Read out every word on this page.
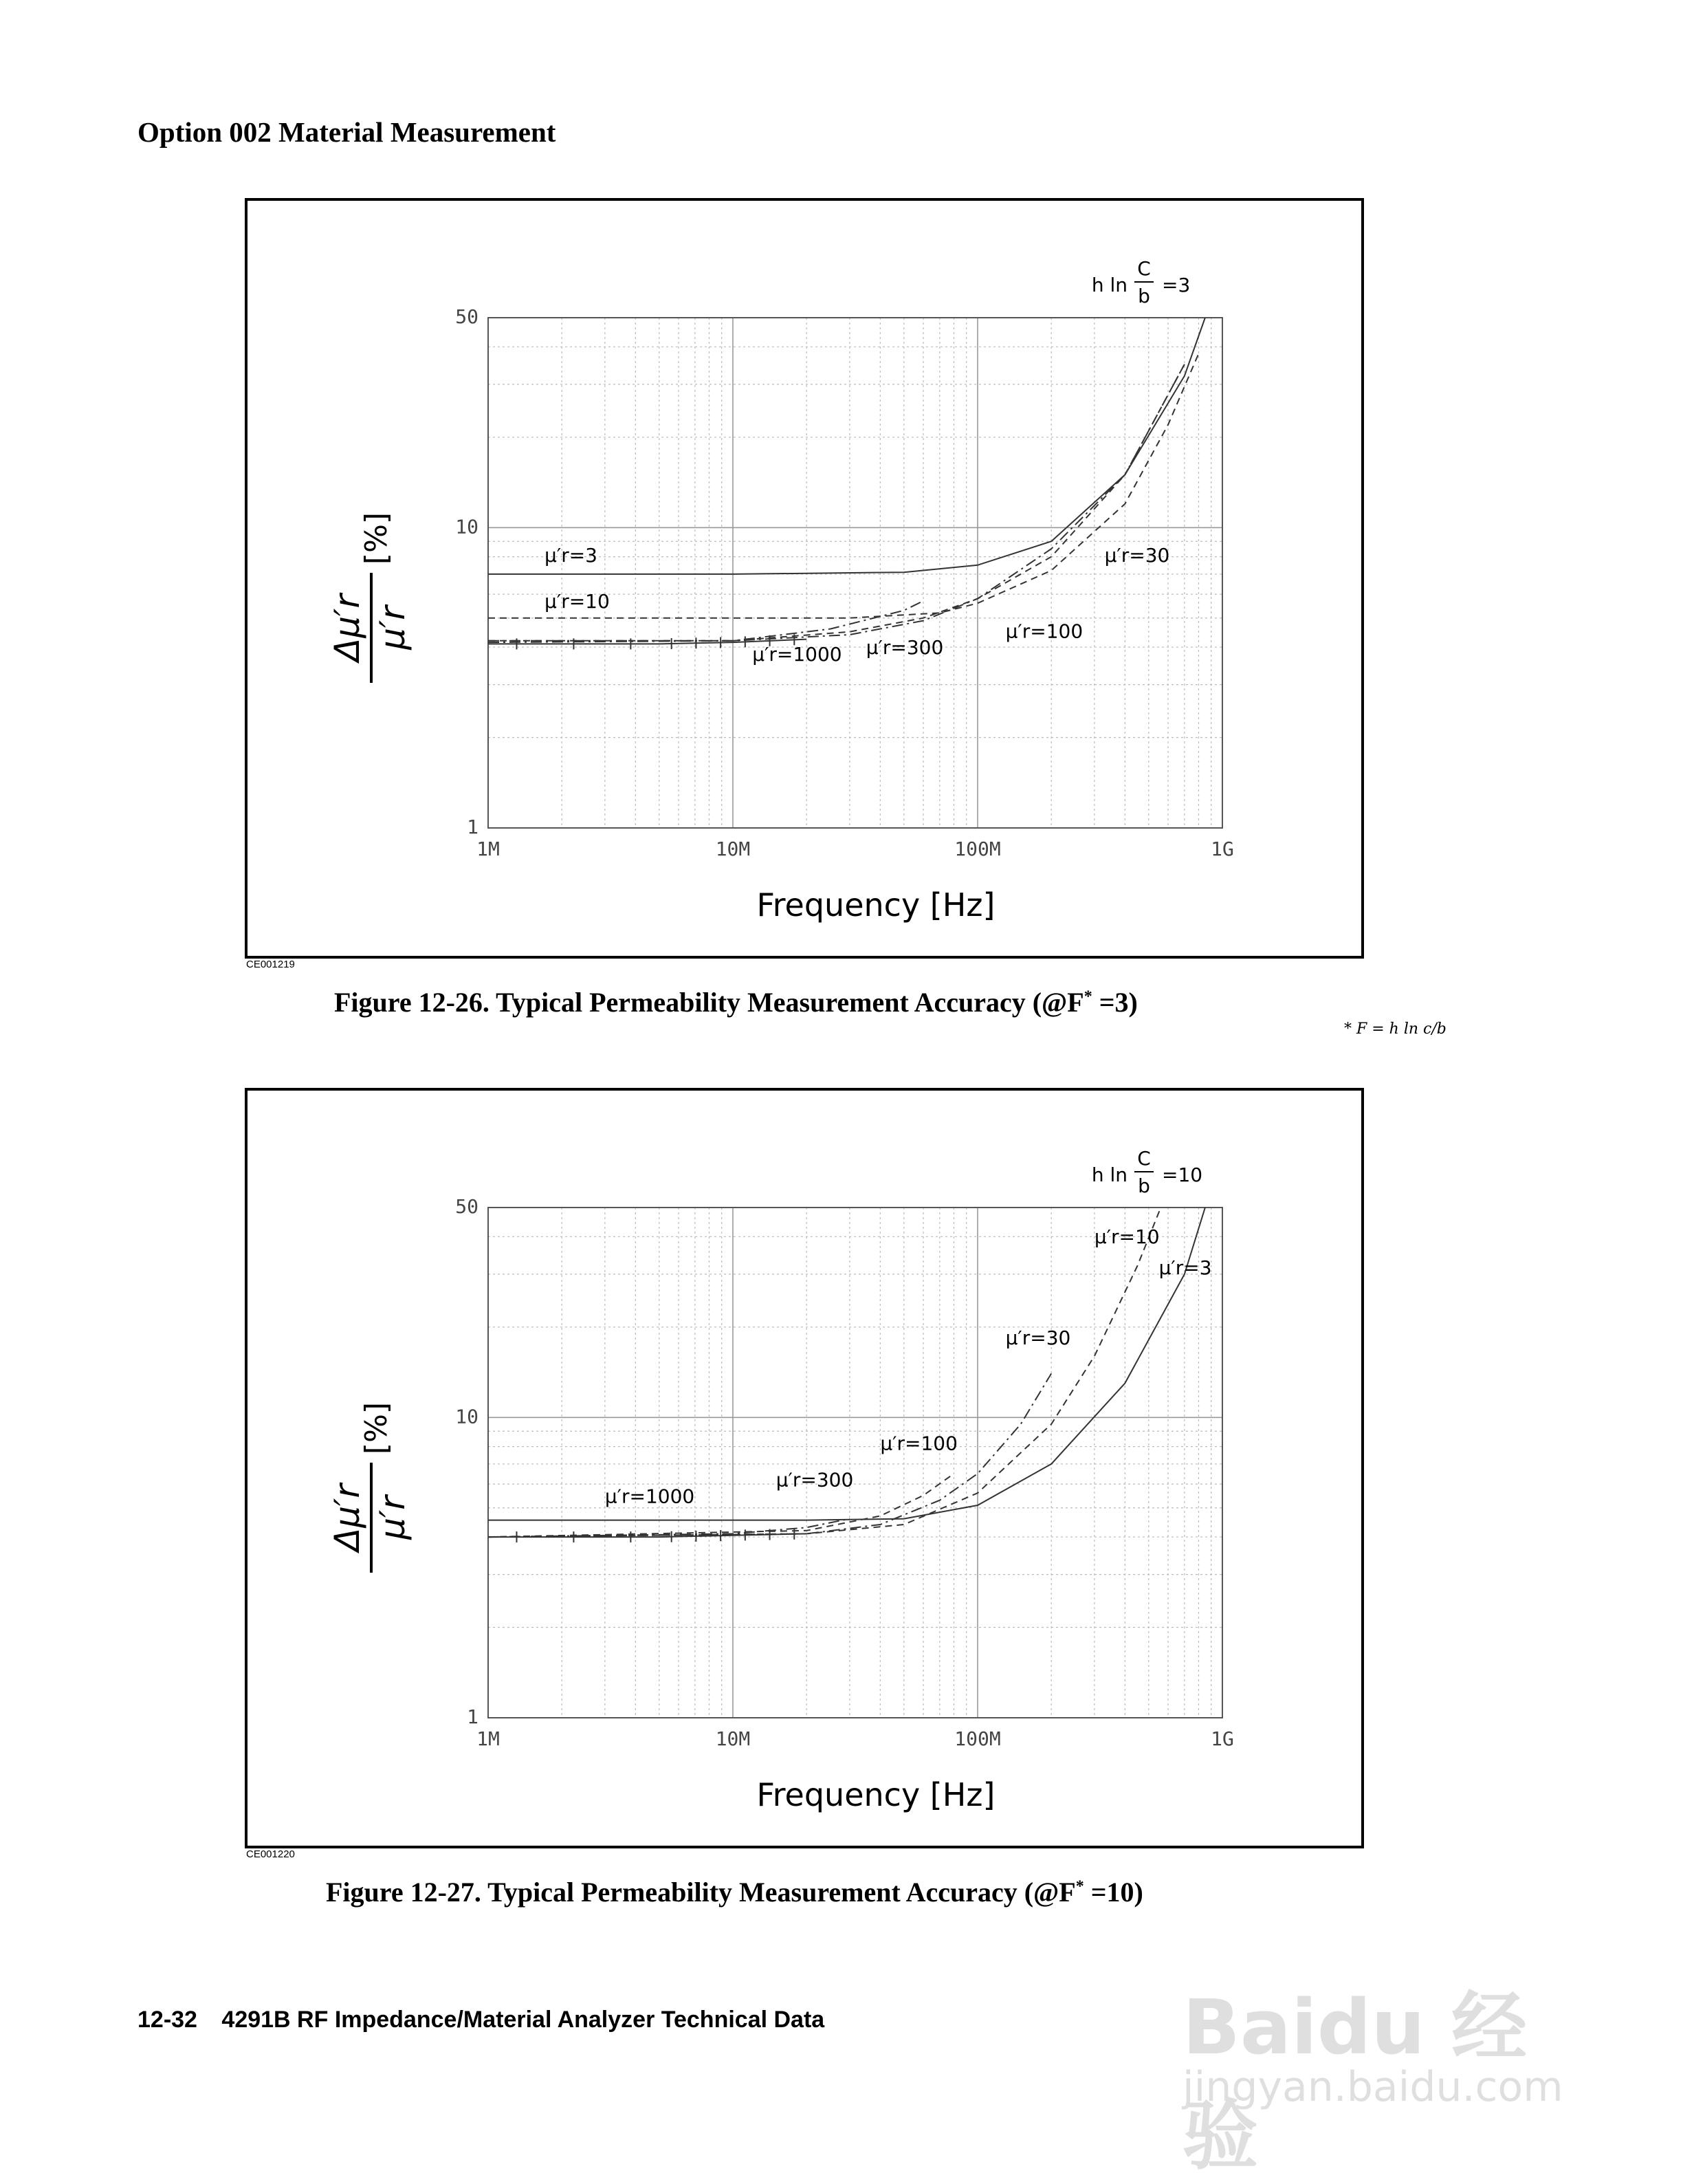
Option 002 Material Measurement
1M	10M	100M	1G
1
10
50
Frequency [Hz]
Δμ′r μ′r
[%]
h ln
C
b =3
μ′r=3
μ′r=10
μ′r=30
μ′r=100
μ′r=300
μ′r=1000
CE001219
Figure 12-26. Typical Permeability Measurement Accuracy (@F* =3)
* F = h ln c/b
1M	10M	100M	1G
1
10
50
Frequency [Hz]
Δμ′r μ′r
[%]
h ln
C
b =10
μ′r=10
μ′r=3
μ′r=30
μ′r=100
μ′r=300
μ′r=1000
CE001220
Figure 12-27. Typical Permeability Measurement Accuracy (@F* =10)
12-32 4291B RF Impedance/Material Analyzer Technical Data	Baidu 经验
jingyan.baidu.com
